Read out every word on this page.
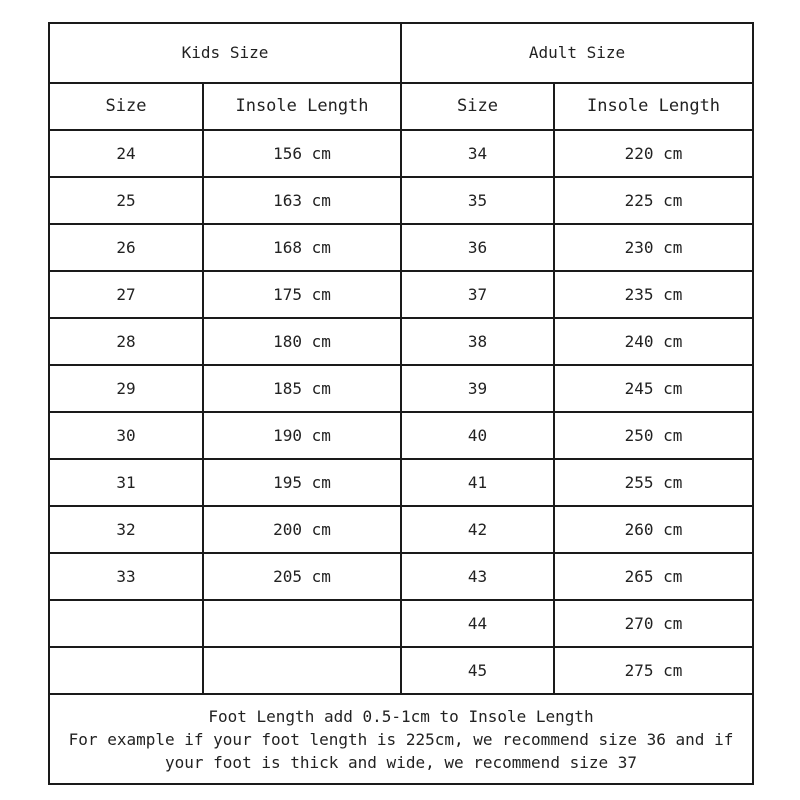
Kids Size		Adult Size	
Size	Insole Length	Size	Insole Length
24	156 cm	34	220 cm
25	163 cm	35	225 cm
26	168 cm	36	230 cm
27	175 cm	37	235 cm
28	180 cm	38	240 cm
29	185 cm	39	245 cm
30	190 cm	40	250 cm
31	195 cm	41	255 cm
32	200 cm	42	260 cm
33	205 cm	43	265 cm
		44	270 cm
		45	275 cm

Foot Length add 0.5-1cm to Insole Length
For example if your foot length is 225cm, we recommend size 36 and if your foot is thick and wide, we recommend size 37			
